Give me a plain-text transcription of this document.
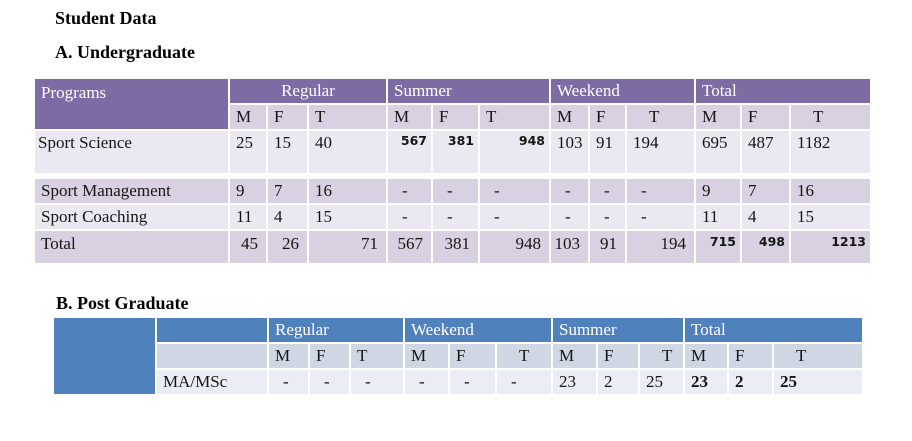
Student Data
A. Undergraduate
Programs	Regular			Summer			Weekend			Total		
	M	F	T	M	F	T	M	F	T	M	F	T
Sport Science	25	15	40	567	381	948	103	91	194	695	487	1182
Sport Management	9	7	16	-	-	-	-	-	-	9	7	16
Sport Coaching	11	4	15	-	-	-	-	-	-	11	4	15
Total	45	26	71	567	381	948	103	91	194	715	498	1213
B. Post Graduate
		Regular			Weekend			Summer			Total		
		M	F	T	M	F	T	M	F	T	M	F	T
	MA/MSc	-	-	-	-	-	-	23	2	25	23	2	25
